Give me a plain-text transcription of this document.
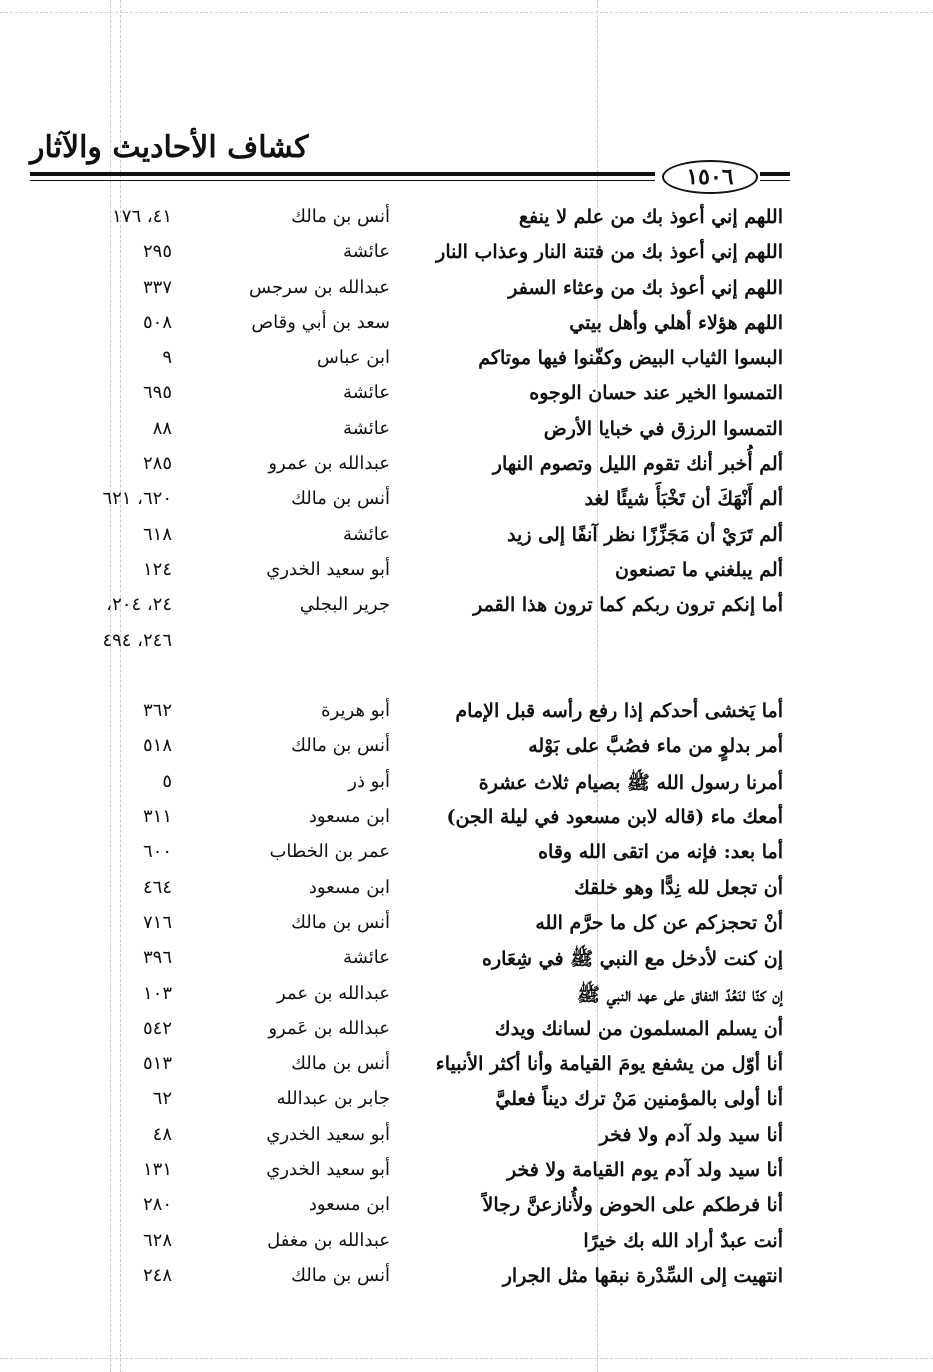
كشاف الأحاديث والآثار
١٥٠٦
اللهم إني أعوذ بك من علم لا ينفع
أنس بن مالك
٤١، ١٧٦
اللهم إني أعوذ بك من فتنة النار وعذاب النار
عائشة
٢٩٥
اللهم إني أعوذ بك من وعثاء السفر
عبدالله بن سرجس
٣٣٧
اللهم هؤلاء أهلي وأهل بيتي
سعد بن أبي وقاص
٥٠٨
البسوا الثياب البيض وكفّنوا فيها موتاكم
ابن عباس
٩
التمسوا الخير عند حسان الوجوه
عائشة
٦٩٥
التمسوا الرزق في خبايا الأرض
عائشة
٨٨
ألم أُخبر أنك تقوم الليل وتصوم النهار
عبدالله بن عمرو
٢٨٥
ألم أَنْهَكَ أن تَخْبَأَ شيئًا لغد
أنس بن مالك
٦٢٠، ٦٢١
ألم تَرَيْ أن مَجَزِّزًا نظر آنفًا إلى زيد
عائشة
٦١٨
ألم يبلغني ما تصنعون
أبو سعيد الخدري
١٢٤
أما إنكم ترون ربكم كما ترون هذا القمر
جرير البجلي
٢٤، ٢٠٤،
٢٤٦، ٤٩٤
أما يَخشى أحدكم إذا رفع رأسه قبل الإمام
أبو هريرة
٣٦٢
أمر بدلوٍ من ماء فصُبَّ على بَوْله
أنس بن مالك
٥١٨
أمرنا رسول الله ﷺ بصيام ثلاث عشرة
أبو ذر
٥
أمعك ماء (قاله لابن مسعود في ليلة الجن)
ابن مسعود
٣١١
أما بعد: فإنه من اتقى الله وقاه
عمر بن الخطاب
٦٠٠
أن تجعل لله نِدًّا وهو خلقك
ابن مسعود
٤٦٤
أنْ تحجزكم عن كل ما حرَّم الله
أنس بن مالك
٧١٦
إن كنت لأدخل مع النبي ﷺ في شِعَاره
عائشة
٣٩٦
إن كنّا لنَعُدّ النفاق على عهد النبي ﷺ
عبدالله بن عمر
١٠٣
أن يسلم المسلمون من لسانك ويدك
عبدالله بن عَمرو
٥٤٢
أنا أوّل من يشفع يومَ القيامة وأنا أكثر الأنبياء
أنس بن مالك
٥١٣
أنا أولى بالمؤمنين مَنْ ترك ديناً فعليَّ
جابر بن عبدالله
٦٢
أنا سيد ولد آدم ولا فخر
أبو سعيد الخدري
٤٨
أنا سيد ولد آدم يوم القيامة ولا فخر
أبو سعيد الخدري
١٣١
أنا فرطكم على الحوض ولأُنازعنَّ رجالاً
ابن مسعود
٢٨٠
أنت عبدٌ أراد الله بك خيرًا
عبدالله بن مغفل
٦٢٨
انتهيت إلى السِّدْرة نبقها مثل الجرار
أنس بن مالك
٢٤٨
